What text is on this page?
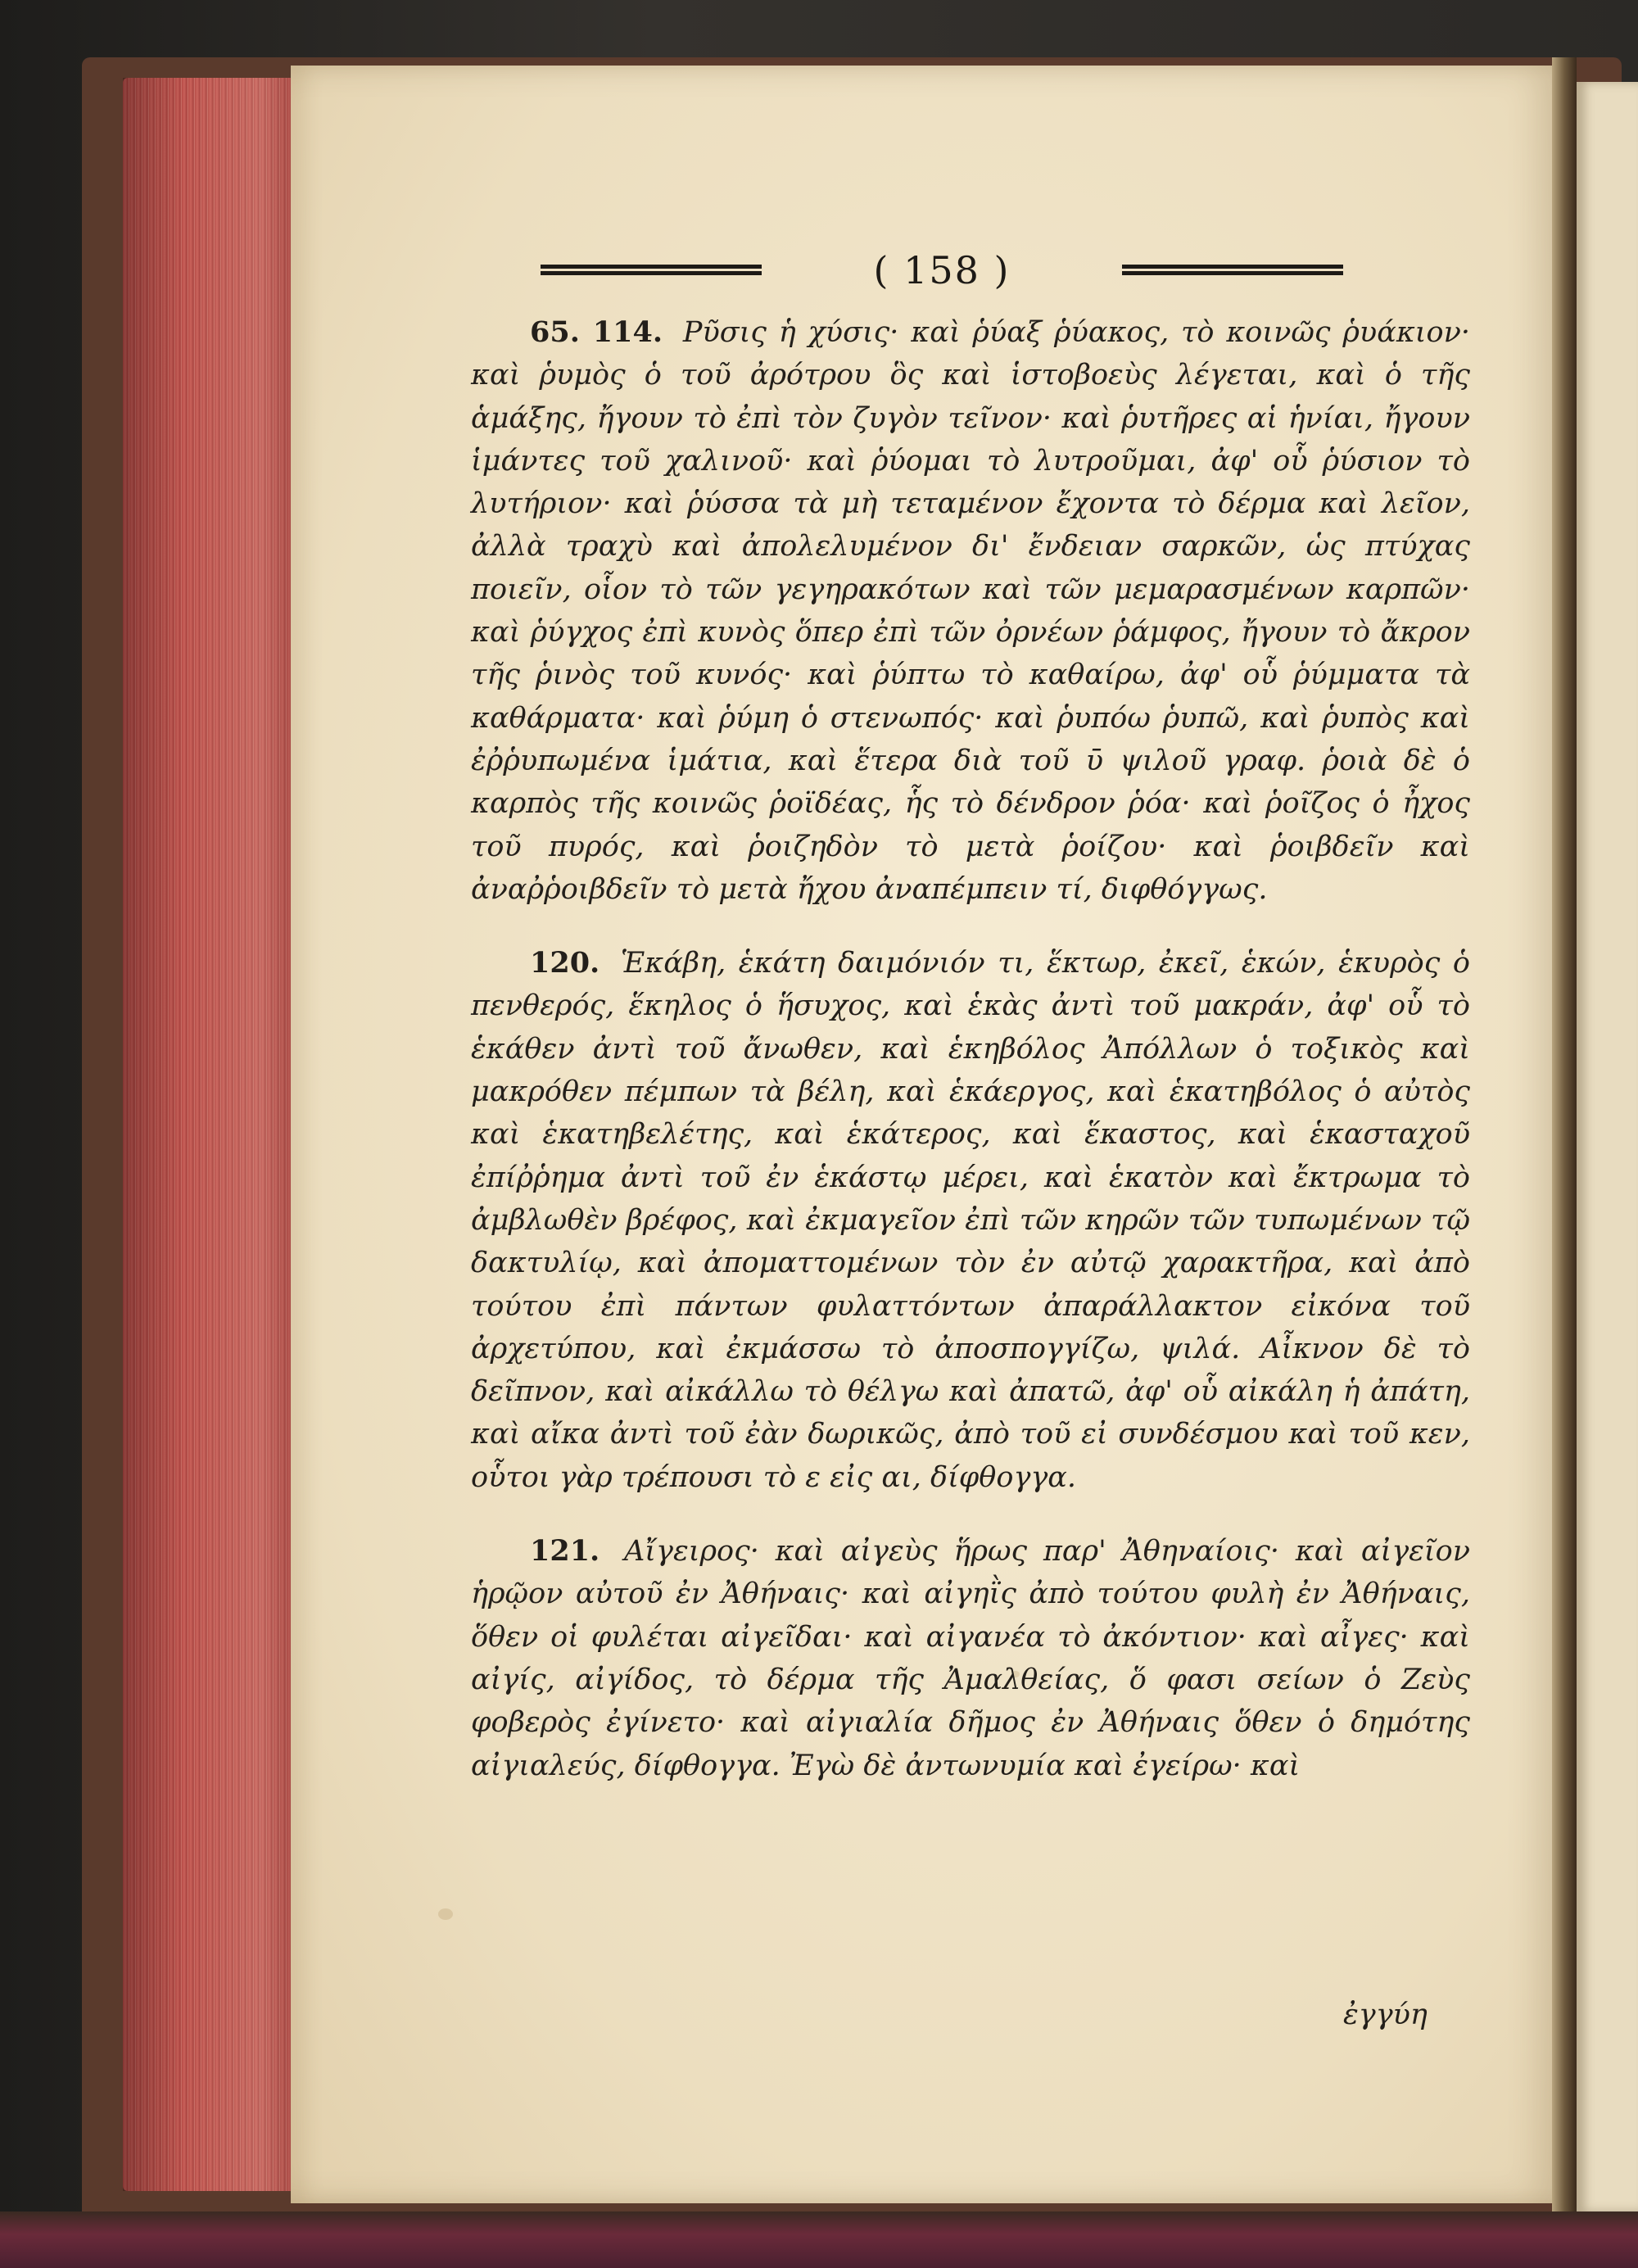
( 158 )

65. 114. Ρῦσις ἡ χύσις· καὶ ῥύαξ ῥύακος, τὸ κοινῶς ῥυάκιον· καὶ ῥυμὸς ὁ τοῦ ἀρότρου ὃς καὶ ἱστοβοεὺς λέγεται, καὶ ὁ τῆς ἁμάξης, ἤγουν τὸ ἐπὶ τὸν ζυγὸν τεῖνον· καὶ ῥυτῆρες αἱ ἡνίαι, ἤγουν ἱμάντες τοῦ χαλινοῦ· καὶ ῥύομαι τὸ λυτροῦμαι, ἀφ' οὗ ῥύσιον τὸ λυτήριον· καὶ ῥύσσα τὰ μὴ τεταμένον ἔχοντα τὸ δέρμα καὶ λεῖον, ἀλλὰ τραχὺ καὶ ἀπολελυμένον δι' ἔνδειαν σαρκῶν, ὡς πτύχας ποιεῖν, οἷον τὸ τῶν γεγηρακότων καὶ τῶν μεμαρασμένων καρπῶν· καὶ ῥύγχος ἐπὶ κυνὸς ὅπερ ἐπὶ τῶν ὀρνέων ῥάμφος, ἤγουν τὸ ἄκρον τῆς ῥινὸς τοῦ κυνός· καὶ ῥύπτω τὸ καθαίρω, ἀφ' οὗ ῥύμματα τὰ καθάρματα· καὶ ῥύμη ὁ στενωπός· καὶ ῥυπόω ῥυπῶ, καὶ ῥυπὸς καὶ ἐῤῥυπωμένα ἱμάτια, καὶ ἕτερα διὰ τοῦ ῡ ψιλοῦ γραφ. ῥοιὰ δὲ ὁ καρπὸς τῆς κοινῶς ῥοϊδέας, ἧς τὸ δένδρον ῥόα· καὶ ῥοῖζος ὁ ἦχος τοῦ πυρός, καὶ ῥοιζηδὸν τὸ μετὰ ῥοίζου· καὶ ῥοιβδεῖν καὶ ἀναῤῥοιβδεῖν τὸ μετὰ ἤχου ἀναπέμπειν τί, διφθόγγως.

120. Ἑκάβη, ἑκάτη δαιμόνιόν τι, ἕκτωρ, ἐκεῖ, ἑκών, ἑκυρὸς ὁ πενθερός, ἕκηλος ὁ ἥσυχος, καὶ ἑκὰς ἀντὶ τοῦ μακράν, ἀφ' οὗ τὸ ἑκάθεν ἀντὶ τοῦ ἄνωθεν, καὶ ἑκηβόλος Ἀπόλλων ὁ τοξικὸς καὶ μακρόθεν πέμπων τὰ βέλη, καὶ ἑκάεργος, καὶ ἑκατηβόλος ὁ αὐτὸς καὶ ἑκατηβελέτης, καὶ ἑκάτερος, καὶ ἕκαστος, καὶ ἑκασταχοῦ ἐπίῤῥημα ἀντὶ τοῦ ἐν ἑκάστῳ μέρει, καὶ ἑκατὸν καὶ ἔκτρωμα τὸ ἀμβλωθὲν βρέφος, καὶ ἐκμαγεῖον ἐπὶ τῶν κηρῶν τῶν τυπωμένων τῷ δακτυλίῳ, καὶ ἀποματτομένων τὸν ἐν αὐτῷ χαρακτῆρα, καὶ ἀπὸ τούτου ἐπὶ πάντων φυλαττόντων ἀπαράλλακτον εἰκόνα τοῦ ἀρχετύπου, καὶ ἐκμάσσω τὸ ἀποσπογγίζω, ψιλά. Αἶκνον δὲ τὸ δεῖπνον, καὶ αἰκάλλω τὸ θέλγω καὶ ἀπατῶ, ἀφ' οὗ αἰκάλη ἡ ἀπάτη, καὶ αἴκα ἀντὶ τοῦ ἐὰν δωρικῶς, ἀπὸ τοῦ εἰ συνδέσμου καὶ τοῦ κεν, οὗτοι γὰρ τρέπουσι τὸ ε εἰς αι, δίφθογγα.

121. Αἴγειρος· καὶ αἰγεὺς ἥρως παρ' Ἀθηναίοις· καὶ αἰγεῖον ἡρῷον αὐτοῦ ἐν Ἀθήναις· καὶ αἰγηῒς ἀπὸ τούτου φυλὴ ἐν Ἀθήναις, ὅθεν οἱ φυλέται αἰγεῖδαι· καὶ αἰγανέα τὸ ἀκόντιον· καὶ αἶγες· καὶ αἰγίς, αἰγίδος, τὸ δέρμα τῆς Ἀμαλθείας, ὅ φασι σείων ὁ Ζεὺς φοβερὸς ἐγίνετο· καὶ αἰγιαλία δῆμος ἐν Ἀθήναις ὅθεν ὁ δημότης αἰγιαλεύς, δίφθογγα. Ἐγὼ δὲ ἀντωνυμία καὶ ἐγείρω· καὶ

ἐγγύη
